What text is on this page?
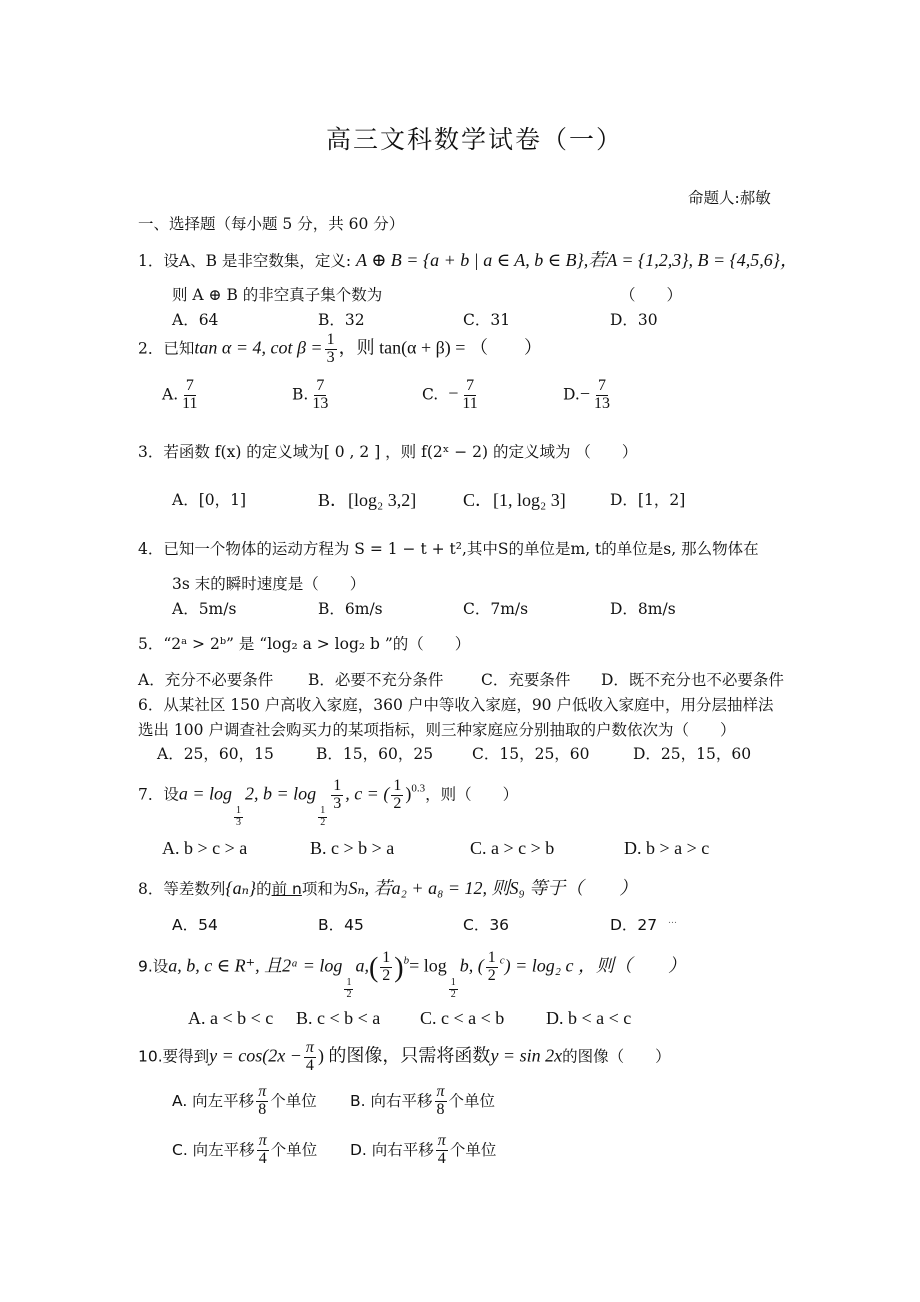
高三文科数学试卷（一）
命题人:郝敏
一、选择题（每小题 5 分，共 60 分）
1．设A、B 是非空数集，定义: A ⊕ B = {a + b | a ∈ A, b ∈ B},若A = {1,2,3}, B = {4,5,6}，
则 A ⊕ B 的非空真子集个数为	（　　）
A．64	B．32	C．31	D．30
2．已知tan α = 4, $\cot \beta = \frac{1}{3}$ ，则 tan(α + β) = （　　）
A. $\frac{7}{11}$	B. $\frac{7}{13}$	C. − $\frac{7}{11}$	$D.- \frac{7}{13}$
3．若函数 f(x) 的定义域为[ 0 , 2 ] ，则 f(2ˣ − 2) 的定义域为 （　　）
A．[0，1]	B．[log₂ 3,2]	C．[1, log₂ 3]	D．[1，2]
4．已知一个物体的运动方程为 S = 1 − t + t²,其中S的单位是m, t的单位是s, 那么物体在
3s 末的瞬时速度是（　　）
A．5m/s	B．6m/s	C．7m/s	D．8m/s
5．“2ᵃ > 2ᵇ” 是 “log₂ a > log₂ b ”的（　　）
A．充分不必要条件 B．必要不充分条件 C．充要条件 D．既不充分也不必要条件
6．从某社区 150 户高收入家庭，360 户中等收入家庭，90 户低收入家庭中，用分层抽样法
选出 100 户调查社会购买力的某项指标，则三种家庭应分别抽取的户数依次为（　　）
A．25，60，15	B．15，60，25	C．15，25，60	D．25，15，60
7．设a = log
$\frac{1}{3}$
2, b = log
$\frac{1}{2}$
$\frac{1}{3}$ , c = ( $\frac{1}{2} )^{0.3}$，则（　　）
A. b > c > a	B. c > b > a	C. a > c > b	D. b > a > c
8．等差数列{aₙ}的前 n项和为Sₙ, 若a₂ + a₈ = 12, 则S₉ 等于（　　）
A．54	B．45	C．36	D．27 …
9.设a, b, c ∈ R⁺, 且2ᵃ = log
$\frac{1}{2}$
$a,( \frac{1}{2} )^b= \log$
$\frac{1}{2}$
b, ( $\frac{1}{2} ^c) = \log_2$ c ，则（　　）
A. a < b < c B. c < b < a C. c < a < b D. b < a < c
10.要得到$y = \cos(2x - \frac{\pi}{4}$ ) 的图像，只需将函数y = sin 2x的图像（　　）
A. 向左平移 $\frac{\pi}{8}$ 个单位 B. 向右平移 $\frac{\pi}{8}$ 个单位
C. 向左平移 $\frac{\pi}{4}$ 个单位 D. 向右平移 $\frac{\pi}{4}$ 个单位
